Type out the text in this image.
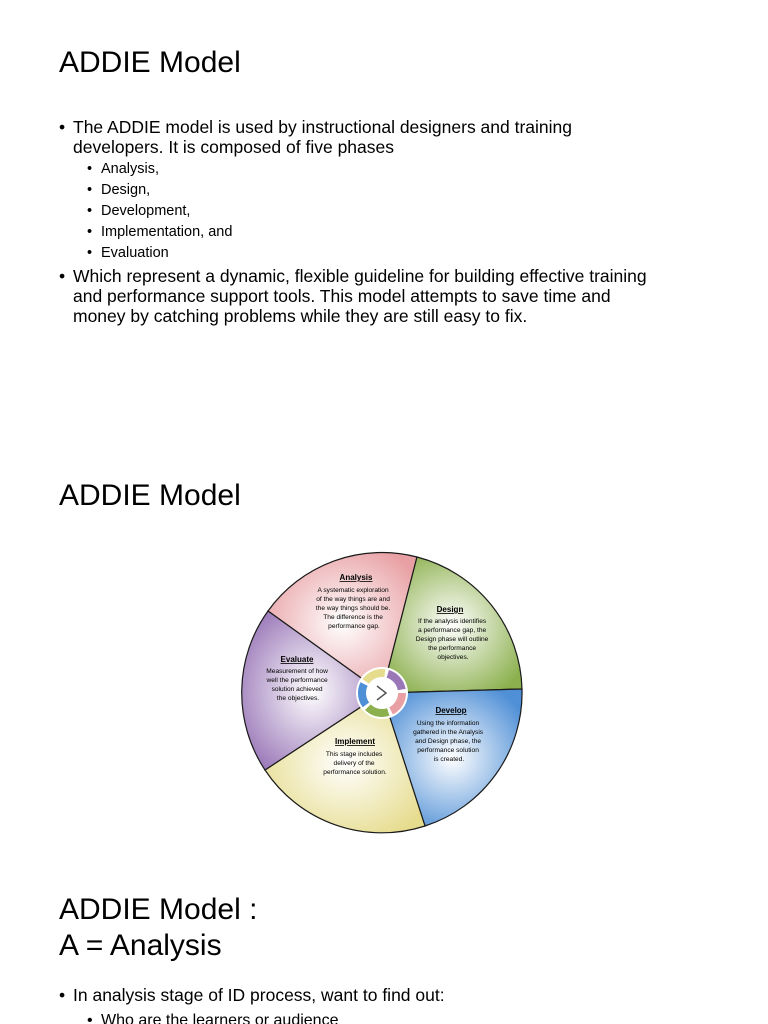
ADDIE Model
• The ADDIE model is used by instructional designers and training
developers. It is composed of five phases
• Analysis,
• Design,
• Development,
• Implementation, and
• Evaluation
• Which represent a dynamic, flexible guideline for building effective training
and performance support tools. This model attempts to save time and
money by catching problems while they are still easy to fix.
ADDIE Model
Analysis
A systematic exploration of the way things are and the way things should be. The difference is the performance gap.
Design
If the analysis identifies a performance gap, the Design phase will outline the performance objectives.
Develop
Using the information gathered in the Analysis and Design phase, the performance solution is created.
Implement
This stage includes delivery of the performance solution.
Evaluate
Measurement of how well the performance solution achieved the objectives.
ADDIE Model :
A = Analysis
• In analysis stage of ID process, want to find out:
• Who are the learners or audience
